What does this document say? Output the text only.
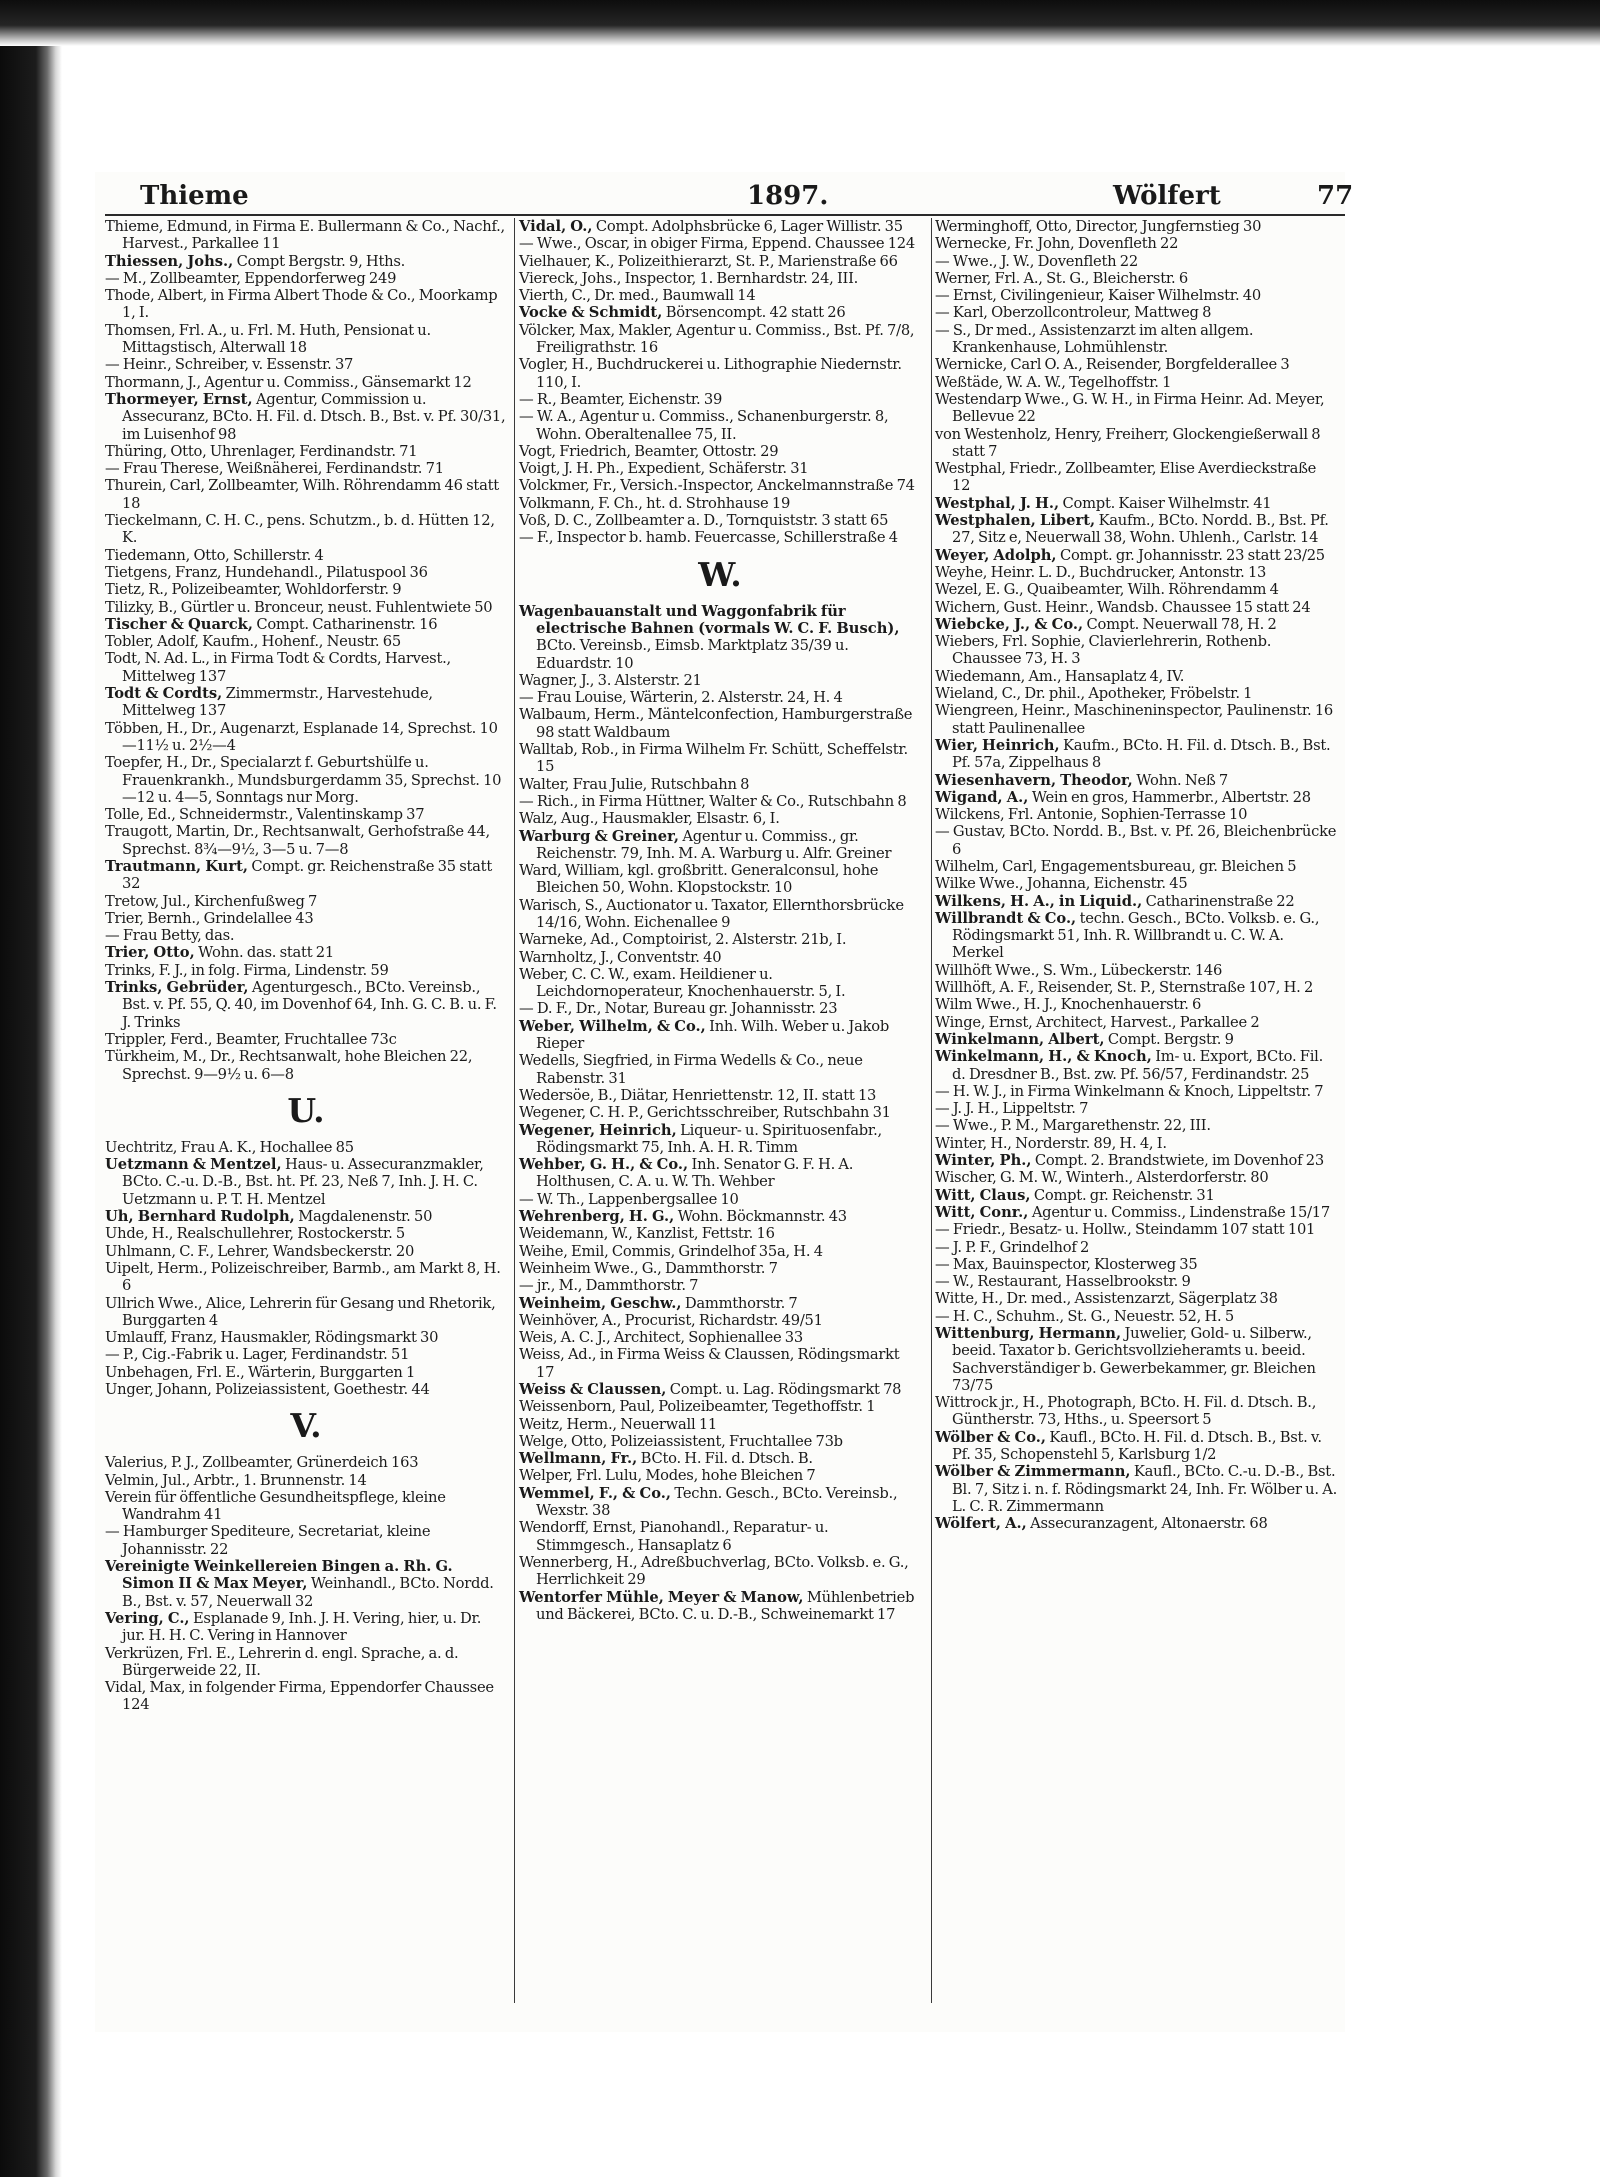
Thieme	1897.	Wölfert	77

Thieme, Edmund, in Firma E. Bullermann & Co., Nachf., Harvest., Parkallee 11

Thiessen, Johs., Compt Bergstr. 9, Hths.

— M., Zollbeamter, Eppendorferweg 249

Thode, Albert, in Firma Albert Thode & Co., Moorkamp 1, I.

Thomsen, Frl. A., u. Frl. M. Huth, Pensionat u. Mittagstisch, Alterwall 18

— Heinr., Schreiber, v. Essenstr. 37

Thormann, J., Agentur u. Commiss., Gänsemarkt 12

Thormeyer, Ernst, Agentur, Commission u. Assecuranz, BCto. H. Fil. d. Dtsch. B., Bst. v. Pf. 30/31, im Luisenhof 98

Thüring, Otto, Uhrenlager, Ferdinandstr. 71

— Frau Therese, Weißnäherei, Ferdinandstr. 71

Thurein, Carl, Zollbeamter, Wilh. Röhrendamm 46 statt 18

Tieckelmann, C. H. C., pens. Schutzm., b. d. Hütten 12, K.

Tiedemann, Otto, Schillerstr. 4

Tietgens, Franz, Hundehandl., Pilatuspool 36

Tietz, R., Polizeibeamter, Wohldorferstr. 9

Tilizky, B., Gürtler u. Bronceur, neust. Fuhlentwiete 50

Tischer & Quarck, Compt. Catharinenstr. 16

Tobler, Adolf, Kaufm., Hohenf., Neustr. 65

Todt, N. Ad. L., in Firma Todt & Cordts, Harvest., Mittelweg 137

Todt & Cordts, Zimmermstr., Harvestehude, Mittelweg 137

Többen, H., Dr., Augenarzt, Esplanade 14, Sprechst. 10—11½ u. 2½—4

Toepfer, H., Dr., Specialarzt f. Geburtshülfe u. Frauenkrankh., Mundsburgerdamm 35, Sprechst. 10—12 u. 4—5, Sonntags nur Morg.

Tolle, Ed., Schneidermstr., Valentinskamp 37

Traugott, Martin, Dr., Rechtsanwalt, Gerhofstraße 44, Sprechst. 8¾—9½, 3—5 u. 7—8

Trautmann, Kurt, Compt. gr. Reichenstraße 35 statt 32

Tretow, Jul., Kirchenfußweg 7

Trier, Bernh., Grindelallee 43

— Frau Betty, das.

Trier, Otto, Wohn. das. statt 21

Trinks, F. J., in folg. Firma, Lindenstr. 59

Trinks, Gebrüder, Agenturgesch., BCto. Vereinsb., Bst. v. Pf. 55, Q. 40, im Dovenhof 64, Inh. G. C. B. u. F. J. Trinks

Trippler, Ferd., Beamter, Fruchtallee 73c

Türkheim, M., Dr., Rechtsanwalt, hohe Bleichen 22, Sprechst. 9—9½ u. 6—8

U.

Uechtritz, Frau A. K., Hochallee 85

Uetzmann & Mentzel, Haus- u. Assecuranzmakler, BCto. C.-u. D.-B., Bst. ht. Pf. 23, Neß 7, Inh. J. H. C. Uetzmann u. P. T. H. Mentzel

Uh, Bernhard Rudolph, Magdalenenstr. 50

Uhde, H., Realschullehrer, Rostockerstr. 5

Uhlmann, C. F., Lehrer, Wandsbeckerstr. 20

Uipelt, Herm., Polizeischreiber, Barmb., am Markt 8, H. 6

Ullrich Wwe., Alice, Lehrerin für Gesang und Rhetorik, Burggarten 4

Umlauff, Franz, Hausmakler, Rödingsmarkt 30

— P., Cig.-Fabrik u. Lager, Ferdinandstr. 51

Unbehagen, Frl. E., Wärterin, Burggarten 1

Unger, Johann, Polizeiassistent, Goethestr. 44

V.

Valerius, P. J., Zollbeamter, Grünerdeich 163

Velmin, Jul., Arbtr., 1. Brunnenstr. 14

Verein für öffentliche Gesundheitspflege, kleine Wandrahm 41

— Hamburger Spediteure, Secretariat, kleine Johannisstr. 22

Vereinigte Weinkellereien Bingen a. Rh. G. Simon II & Max Meyer, Weinhandl., BCto. Nordd. B., Bst. v. 57, Neuerwall 32

Vering, C., Esplanade 9, Inh. J. H. Vering, hier, u. Dr. jur. H. H. C. Vering in Hannover

Verkrüzen, Frl. E., Lehrerin d. engl. Sprache, a. d. Bürgerweide 22, II.

Vidal, Max, in folgender Firma, Eppendorfer Chaussee 124

Vidal, O., Compt. Adolphsbrücke 6, Lager Willistr. 35

— Wwe., Oscar, in obiger Firma, Eppend. Chaussee 124

Vielhauer, K., Polizeithierarzt, St. P., Marienstraße 66

Viereck, Johs., Inspector, 1. Bernhardstr. 24, III.

Vierth, C., Dr. med., Baumwall 14

Vocke & Schmidt, Börsencompt. 42 statt 26

Völcker, Max, Makler, Agentur u. Commiss., Bst. Pf. 7/8, Freiligrathstr. 16

Vogler, H., Buchdruckerei u. Lithographie Niedernstr. 110, I.

— R., Beamter, Eichenstr. 39

— W. A., Agentur u. Commiss., Schanenburgerstr. 8, Wohn. Oberaltenallee 75, II.

Vogt, Friedrich, Beamter, Ottostr. 29

Voigt, J. H. Ph., Expedient, Schäferstr. 31

Volckmer, Fr., Versich.-Inspector, Anckelmannstraße 74

Volkmann, F. Ch., ht. d. Strohhause 19

Voß, D. C., Zollbeamter a. D., Tornquiststr. 3 statt 65

— F., Inspector b. hamb. Feuercasse, Schillerstraße 4

W.

Wagenbauanstalt und Waggonfabrik für electrische Bahnen (vormals W. C. F. Busch), BCto. Vereinsb., Eimsb. Marktplatz 35/39 u. Eduardstr. 10

Wagner, J., 3. Alsterstr. 21

— Frau Louise, Wärterin, 2. Alsterstr. 24, H. 4

Walbaum, Herm., Mäntelconfection, Hamburgerstraße 98 statt Waldbaum

Walltab, Rob., in Firma Wilhelm Fr. Schütt, Scheffelstr. 15

Walter, Frau Julie, Rutschbahn 8

— Rich., in Firma Hüttner, Walter & Co., Rutschbahn 8

Walz, Aug., Hausmakler, Elsastr. 6, I.

Warburg & Greiner, Agentur u. Commiss., gr. Reichenstr. 79, Inh. M. A. Warburg u. Alfr. Greiner

Ward, William, kgl. großbritt. Generalconsul, hohe Bleichen 50, Wohn. Klopstockstr. 10

Warisch, S., Auctionator u. Taxator, Ellernthorsbrücke 14/16, Wohn. Eichenallee 9

Warneke, Ad., Comptoirist, 2. Alsterstr. 21b, I.

Warnholtz, J., Conventstr. 40

Weber, C. C. W., exam. Heildiener u. Leichdornoperateur, Knochenhauerstr. 5, I.

— D. F., Dr., Notar, Bureau gr. Johannisstr. 23

Weber, Wilhelm, & Co., Inh. Wilh. Weber u. Jakob Rieper

Wedells, Siegfried, in Firma Wedells & Co., neue Rabenstr. 31

Wedersöe, B., Diätar, Henriettenstr. 12, II. statt 13

Wegener, C. H. P., Gerichtsschreiber, Rutschbahn 31

Wegener, Heinrich, Liqueur- u. Spirituosenfabr., Rödingsmarkt 75, Inh. A. H. R. Timm

Wehber, G. H., & Co., Inh. Senator G. F. H. A. Holthusen, C. A. u. W. Th. Wehber

— W. Th., Lappenbergsallee 10

Wehrenberg, H. G., Wohn. Böckmannstr. 43

Weidemann, W., Kanzlist, Fettstr. 16

Weihe, Emil, Commis, Grindelhof 35a, H. 4

Weinheim Wwe., G., Dammthorstr. 7

— jr., M., Dammthorstr. 7

Weinheim, Geschw., Dammthorstr. 7

Weinhöver, A., Procurist, Richardstr. 49/51

Weis, A. C. J., Architect, Sophienallee 33

Weiss, Ad., in Firma Weiss & Claussen, Rödingsmarkt 17

Weiss & Claussen, Compt. u. Lag. Rödingsmarkt 78

Weissenborn, Paul, Polizeibeamter, Tegethoffstr. 1

Weitz, Herm., Neuerwall 11

Welge, Otto, Polizeiassistent, Fruchtallee 73b

Wellmann, Fr., BCto. H. Fil. d. Dtsch. B.

Welper, Frl. Lulu, Modes, hohe Bleichen 7

Wemmel, F., & Co., Techn. Gesch., BCto. Vereinsb., Wexstr. 38

Wendorff, Ernst, Pianohandl., Reparatur- u. Stimmgesch., Hansaplatz 6

Wennerberg, H., Adreßbuchverlag, BCto. Volksb. e. G., Herrlichkeit 29

Wentorfer Mühle, Meyer & Manow, Mühlenbetrieb und Bäckerei, BCto. C. u. D.-B., Schweinemarkt 17

Werminghoff, Otto, Director, Jungfernstieg 30

Wernecke, Fr. John, Dovenfleth 22

— Wwe., J. W., Dovenfleth 22

Werner, Frl. A., St. G., Bleicherstr. 6

— Ernst, Civilingenieur, Kaiser Wilhelmstr. 40

— Karl, Oberzollcontroleur, Mattweg 8

— S., Dr med., Assistenzarzt im alten allgem. Krankenhause, Lohmühlenstr.

Wernicke, Carl O. A., Reisender, Borgfelderallee 3

Weßtäde, W. A. W., Tegelhoffstr. 1

Westendarp Wwe., G. W. H., in Firma Heinr. Ad. Meyer, Bellevue 22

von Westenholz, Henry, Freiherr, Glockengießerwall 8 statt 7

Westphal, Friedr., Zollbeamter, Elise Averdieckstraße 12

Westphal, J. H., Compt. Kaiser Wilhelmstr. 41

Westphalen, Libert, Kaufm., BCto. Nordd. B., Bst. Pf. 27, Sitz e, Neuerwall 38, Wohn. Uhlenh., Carlstr. 14

Weyer, Adolph, Compt. gr. Johannisstr. 23 statt 23/25

Weyhe, Heinr. L. D., Buchdrucker, Antonstr. 13

Wezel, E. G., Quaibeamter, Wilh. Röhrendamm 4

Wichern, Gust. Heinr., Wandsb. Chaussee 15 statt 24

Wiebcke, J., & Co., Compt. Neuerwall 78, H. 2

Wiebers, Frl. Sophie, Clavierlehrerin, Rothenb. Chaussee 73, H. 3

Wiedemann, Am., Hansaplatz 4, IV.

Wieland, C., Dr. phil., Apotheker, Fröbelstr. 1

Wiengreen, Heinr., Maschineninspector, Paulinenstr. 16 statt Paulinenallee

Wier, Heinrich, Kaufm., BCto. H. Fil. d. Dtsch. B., Bst. Pf. 57a, Zippelhaus 8

Wiesenhavern, Theodor, Wohn. Neß 7

Wigand, A., Wein en gros, Hammerbr., Albertstr. 28

Wilckens, Frl. Antonie, Sophien-Terrasse 10

— Gustav, BCto. Nordd. B., Bst. v. Pf. 26, Bleichenbrücke 6

Wilhelm, Carl, Engagementsbureau, gr. Bleichen 5

Wilke Wwe., Johanna, Eichenstr. 45

Wilkens, H. A., in Liquid., Catharinenstraße 22

Willbrandt & Co., techn. Gesch., BCto. Volksb. e. G., Rödingsmarkt 51, Inh. R. Willbrandt u. C. W. A. Merkel

Willhöft Wwe., S. Wm., Lübeckerstr. 146

Willhöft, A. F., Reisender, St. P., Sternstraße 107, H. 2

Wilm Wwe., H. J., Knochenhauerstr. 6

Winge, Ernst, Architect, Harvest., Parkallee 2

Winkelmann, Albert, Compt. Bergstr. 9

Winkelmann, H., & Knoch, Im- u. Export, BCto. Fil. d. Dresdner B., Bst. zw. Pf. 56/57, Ferdinandstr. 25

— H. W. J., in Firma Winkelmann & Knoch, Lippeltstr. 7

— J. J. H., Lippeltstr. 7

— Wwe., P. M., Margarethenstr. 22, III.

Winter, H., Norderstr. 89, H. 4, I.

Winter, Ph., Compt. 2. Brandstwiete, im Dovenhof 23

Wischer, G. M. W., Winterh., Alsterdorferstr. 80

Witt, Claus, Compt. gr. Reichenstr. 31

Witt, Conr., Agentur u. Commiss., Lindenstraße 15/17

— Friedr., Besatz- u. Hollw., Steindamm 107 statt 101

— J. P. F., Grindelhof 2

— Max, Bauinspector, Klosterweg 35

— W., Restaurant, Hasselbrookstr. 9

Witte, H., Dr. med., Assistenzarzt, Sägerplatz 38

— H. C., Schuhm., St. G., Neuestr. 52, H. 5

Wittenburg, Hermann, Juwelier, Gold- u. Silberw., beeid. Taxator b. Gerichtsvollzieheramts u. beeid. Sachverständiger b. Gewerbekammer, gr. Bleichen 73/75

Wittrock jr., H., Photograph, BCto. H. Fil. d. Dtsch. B., Güntherstr. 73, Hths., u. Speersort 5

Wölber & Co., Kaufl., BCto. H. Fil. d. Dtsch. B., Bst. v. Pf. 35, Schopenstehl 5, Karlsburg 1/2

Wölber & Zimmermann, Kaufl., BCto. C.-u. D.-B., Bst. Bl. 7, Sitz i. n. f. Rödingsmarkt 24, Inh. Fr. Wölber u. A. L. C. R. Zimmermann

Wölfert, A., Assecuranzagent, Altonaerstr. 68
